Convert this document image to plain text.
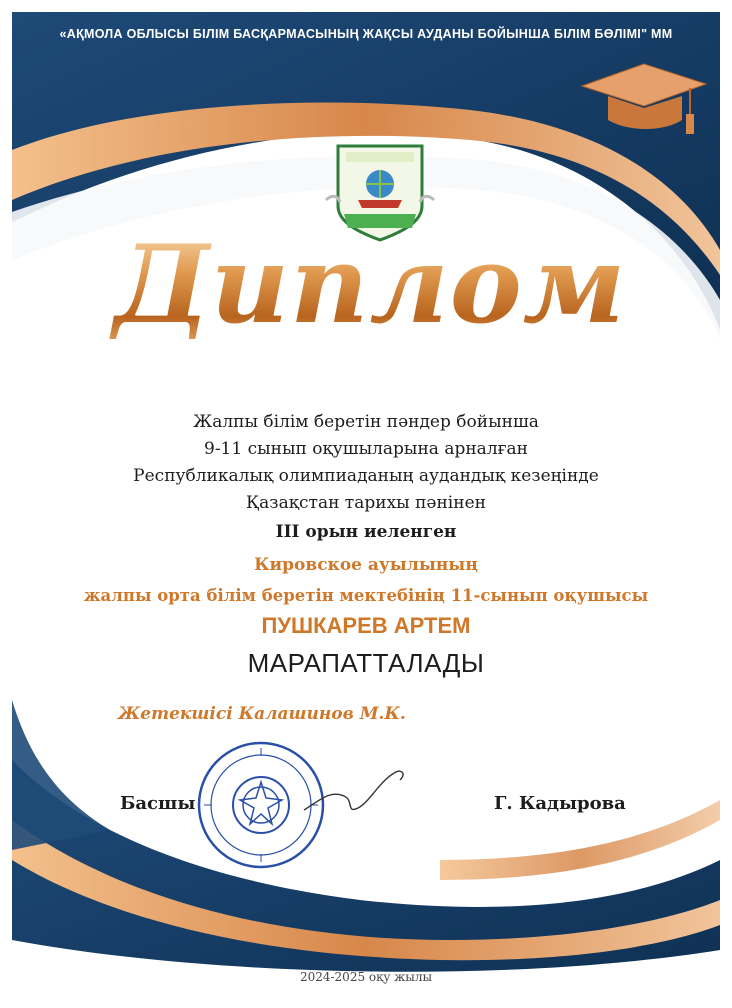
«АҚМОЛА ОБЛЫСЫ БІЛІМ БАСҚАРМАСЫНЫҢ ЖАҚСЫ АУДАНЫ БОЙЫНША БІЛІМ БӨЛІМІ" ММ
Диплом
Жалпы білім беретін пәндер бойынша
9-11 сынып оқушыларына арналған
Республикалық олимпиаданың аудандық кезеңінде
Қазақстан тарихы пәнінен
III орын иеленген
Кировское ауылының
жалпы орта білім беретін мектебінің 11-сынып оқушысы
ПУШКАРЕВ АРТЕМ
МАРАПАТТАЛАДЫ
Жетекшісі Калашинов М.К.
Басшы	Г. Кадырова
2024-2025 оқу жылы
